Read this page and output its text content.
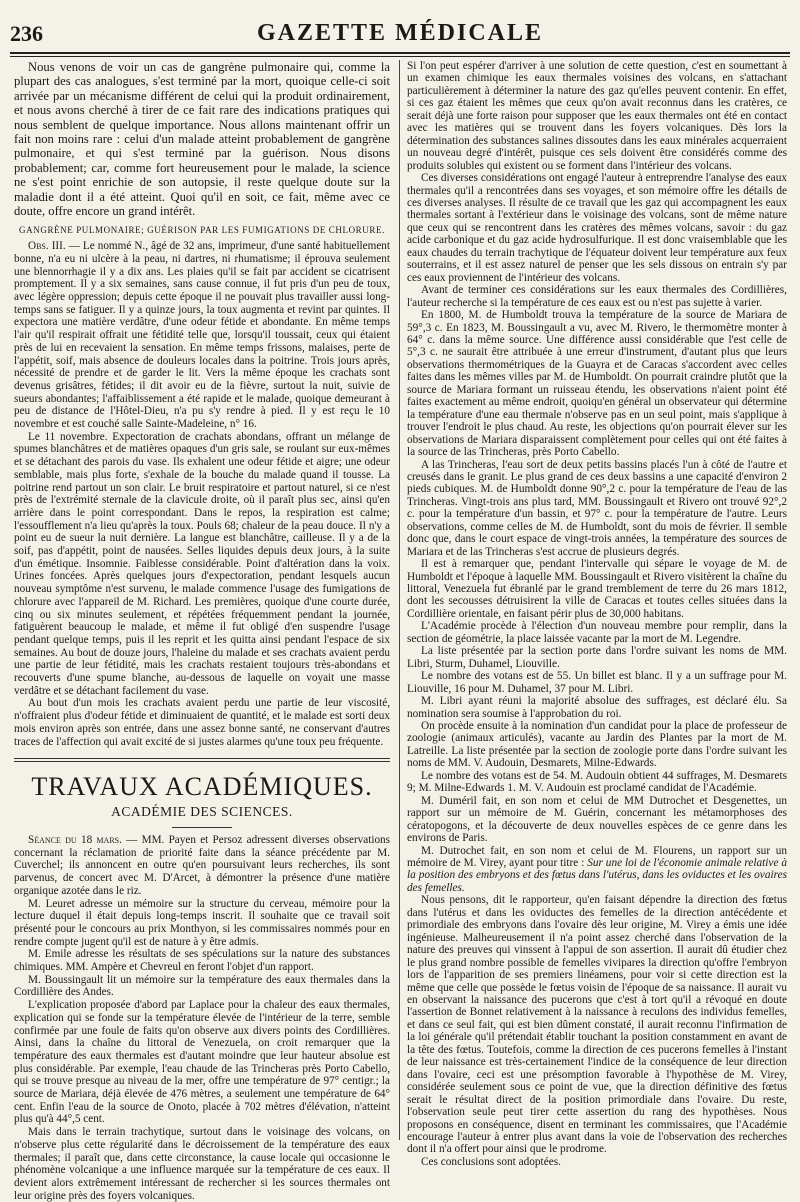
236	GAZETTE MÉDICALE

Nous venons de voir un cas de gangrène pulmonaire qui, comme la plupart des cas analogues, s'est terminé par la mort, quoique celle-ci soit arrivée par un mécanisme différent de celui qui la produit ordinairement, et nous avons cherché à tirer de ce fait rare des indications pratiques qui nous semblent de quelque importance. Nous allons maintenant offrir un fait non moins rare : celui d'un malade atteint probablement de gangrène pulmonaire, et qui s'est terminé par la guérison. Nous disons probablement; car, comme fort heureusement pour le malade, la science ne s'est point enrichie de son autopsie, il reste quelque doute sur la maladie dont il a été atteint. Quoi qu'il en soit, ce fait, même avec ce doute, offre encore un grand intérêt.

GANGRÈNE PULMONAIRE; GUÉRISON PAR LES FUMIGATIONS DE CHLORURE.

Obs. III. — Le nommé N., âgé de 32 ans, imprimeur, d'une santé habituellement bonne, n'a eu ni ulcère à la peau, ni dartres, ni rhumatisme; il éprouva seulement une blennorrhagie il y a dix ans. Les plaies qu'il se fait par accident se cicatrisent promptement. Il y a six semaines, sans cause connue, il fut pris d'un peu de toux, avec légère oppression; depuis cette époque il ne pouvait plus travailler aussi long-temps sans se fatiguer. Il y a quinze jours, la toux augmenta et revint par quintes. Il expectora une matière verdâtre, d'une odeur fétide et abondante. En même temps l'air qu'il respirait offrait une fétidité telle que, lorsqu'il toussait, ceux qui étaient près de lui en recevaient la sensation. En même temps frissons, malaises, perte de l'appétit, soif, mais absence de douleurs locales dans la poitrine. Trois jours après, nécessité de prendre et de garder le lit. Vers la même époque les crachats sont devenus grisâtres, fétides; il dit avoir eu de la fièvre, surtout la nuit, suivie de sueurs abondantes; l'affaiblissement a été rapide et le malade, quoique demeurant à peu de distance de l'Hôtel-Dieu, n'a pu s'y rendre à pied. Il y est reçu le 10 novembre et est couché salle Sainte-Madeleine, n° 16.

Le 11 novembre. Expectoration de crachats abondans, offrant un mélange de spumes blanchâtres et de matières opaques d'un gris sale, se roulant sur eux-mêmes et se détachant des parois du vase. Ils exhalent une odeur fétide et aigre; une odeur semblable, mais plus forte, s'exhale de la bouche du malade quand il tousse. La poitrine rend partout un son clair. Le bruit respiratoire et partout naturel, si ce n'est près de l'extrémité sternale de la clavicule droite, où il paraît plus sec, ainsi qu'en arrière dans le point correspondant. Dans le repos, la respiration est calme; l'essoufflement n'a lieu qu'après la toux. Pouls 68; chaleur de la peau douce. Il n'y a point eu de sueur la nuit dernière. La langue est blanchâtre, cailleuse. Il y a de la soif, pas d'appétit, point de nausées. Selles liquides depuis deux jours, à la suite d'un émétique. Insomnie. Faiblesse considérable. Point d'altération dans la voix. Urines foncées. Après quelques jours d'expectoration, pendant lesquels aucun nouveau symptôme n'est survenu, le malade commence l'usage des fumigations de chlorure avec l'appareil de M. Richard. Les premières, quoique d'une courte durée, cinq ou six minutes seulement, et répétées fréquemment pendant la journée, fatiguèrent beaucoup le malade, et même il fut obligé d'en suspendre l'usage pendant quelque temps, puis il les reprit et les quitta ainsi pendant l'espace de six semaines. Au bout de douze jours, l'haleine du malade et ses crachats avaient perdu une partie de leur fétidité, mais les crachats restaient toujours très-abondans et recouverts d'une spume blanche, au-dessous de laquelle on voyait une masse verdâtre et se détachant facilement du vase.

Au bout d'un mois les crachats avaient perdu une partie de leur viscosité, n'offraient plus d'odeur fétide et diminuaient de quantité, et le malade est sorti deux mois environ après son entrée, dans une assez bonne santé, ne conservant d'autres traces de l'affection qui avait excité de si justes alarmes qu'une toux peu fréquente.

TRAVAUX ACADÉMIQUES.
ACADÉMIE DES SCIENCES.

Séance du 18 mars. — MM. Payen et Persoz adressent diverses observations concernant la réclamation de priorité faite dans la séance précédente par M. Cuverchel; ils annoncent en outre qu'en poursuivant leurs recherches, ils sont parvenus, de concert avec M. D'Arcet, à démontrer la présence d'une matière organique azotée dans le riz.

M. Leuret adresse un mémoire sur la structure du cerveau, mémoire pour la lecture duquel il était depuis long-temps inscrit. Il souhaite que ce travail soit présenté pour le concours au prix Monthyon, si les commissaires nommés pour en rendre compte jugent qu'il est de nature à y être admis.

M. Emile adresse les résultats de ses spéculations sur la nature des substances chimiques. MM. Ampère et Chevreul en feront l'objet d'un rapport.

M. Boussingault lit un mémoire sur la température des eaux thermales dans la Cordillière des Andes.

L'explication proposée d'abord par Laplace pour la chaleur des eaux thermales, explication qui se fonde sur la température élevée de l'intérieur de la terre, semble confirmée par une foule de faits qu'on observe aux divers points des Cordillières. Ainsi, dans la chaîne du littoral de Venezuela, on croit remarquer que la température des eaux thermales est d'autant moindre que leur hauteur absolue est plus considérable. Par exemple, l'eau chaude de las Trincheras près Porto Cabello, qui se trouve presque au niveau de la mer, offre une température de 97° centigr.; la source de Mariara, déjà élevée de 476 mètres, a seulement une température de 64° cent. Enfin l'eau de la source de Onoto, placée à 702 mètres d'élévation, n'atteint plus qu'à 44°,5 cent.

Mais dans le terrain trachytique, surtout dans le voisinage des volcans, on n'observe plus cette régularité dans le décroissement de la température des eaux thermales; il paraît que, dans cette circonstance, la cause locale qui occasionne le phénomène volcanique a une influence marquée sur la température de ces eaux. Il devient alors extrêmement intéressant de rechercher si les sources thermales ont leur origine près des foyers volcaniques.

Si l'on peut espérer d'arriver à une solution de cette question, c'est en soumettant à un examen chimique les eaux thermales voisines des volcans, en s'attachant particulièrement à déterminer la nature des gaz qu'elles peuvent contenir. En effet, si ces gaz étaient les mêmes que ceux qu'on avait reconnus dans les cratères, ce serait déjà une forte raison pour supposer que les eaux thermales ont été en contact avec les matières qui se trouvent dans les foyers volcaniques. Dès lors la détermination des substances salines dissoutes dans les eaux minérales acquerraient un nouveau degré d'intérêt, puisque ces sels doivent être considérés comme des produits solubles qui existent ou se forment dans l'intérieur des volcans.

Ces diverses considérations ont engagé l'auteur à entreprendre l'analyse des eaux thermales qu'il a rencontrées dans ses voyages, et son mémoire offre les détails de ces diverses analyses. Il résulte de ce travail que les gaz qui accompagnent les eaux thermales sortant à l'extérieur dans le voisinage des volcans, sont de même nature que ceux qui se rencontrent dans les cratères des mêmes volcans, savoir : du gaz acide carbonique et du gaz acide hydrosulfurique. Il est donc vraisemblable que les eaux chaudes du terrain trachytique de l'équateur doivent leur température aux feux souterrains, et il est assez naturel de penser que les sels dissous on entrain s'y par ces eaux proviennent de l'intérieur des volcans.

Avant de terminer ces considérations sur les eaux thermales des Cordillières, l'auteur recherche si la température de ces eaux est ou n'est pas sujette à varier.

En 1800, M. de Humboldt trouva la température de la source de Mariara de 59°,3 c. En 1823, M. Boussingault a vu, avec M. Rivero, le thermomètre monter à 64° c. dans la même source. Une différence aussi considérable que l'est celle de 5°,3 c. ne saurait être attribuée à une erreur d'instrument, d'autant plus que leurs observations thermométriques de la Guayra et de Caracas s'accordent avec celles faites dans les mêmes villes par M. de Humboldt. On pourrait craindre plutôt que la source de Mariara formant un ruisseau étendu, les observations n'aient point été faites exactement au même endroit, quoiqu'en général un observateur qui détermine la température d'une eau thermale n'observe pas en un seul point, mais s'applique à trouver l'endroit le plus chaud. Au reste, les objections qu'on pourrait élever sur les observations de Mariara disparaissent complètement pour celles qui ont été faites à la source de las Trincheras, près Porto Cabello.

A las Trincheras, l'eau sort de deux petits bassins placés l'un à côté de l'autre et creusés dans le granit. Le plus grand de ces deux bassins a une capacité d'environ 2 pieds cubiques. M. de Humboldt donne 90°,2 c. pour la température de l'eau de las Trincheras. Vingt-trois ans plus tard, MM. Boussingault et Rivero ont trouvé 92°,2 c. pour la température d'un bassin, et 97° c. pour la température de l'autre. Leurs observations, comme celles de M. de Humboldt, sont du mois de février. Il semble donc que, dans le court espace de vingt-trois années, la température des sources de Mariara et de las Trincheras s'est accrue de plusieurs degrés.

Il est à remarquer que, pendant l'intervalle qui sépare le voyage de M. de Humboldt et l'époque à laquelle MM. Boussingault et Rivero visitèrent la chaîne du littoral, Venezuela fut ébranlé par le grand tremblement de terre du 26 mars 1812, dont les secousses détruisirent la ville de Caracas et toutes celles situées dans la Cordillière orientale, en faisant périr plus de 30,000 habitans.

L'Académie procède à l'élection d'un nouveau membre pour remplir, dans la section de géométrie, la place laissée vacante par la mort de M. Legendre.

La liste présentée par la section porte dans l'ordre suivant les noms de MM. Libri, Sturm, Duhamel, Liouville.

Le nombre des votans est de 55. Un billet est blanc. Il y a un suffrage pour M. Liouville, 16 pour M. Duhamel, 37 pour M. Libri.

M. Libri ayant réuni la majorité absolue des suffrages, est déclaré élu. Sa nomination sera soumise à l'approbation du roi.

On procède ensuite à la nomination d'un candidat pour la place de professeur de zoologie (animaux articulés), vacante au Jardin des Plantes par la mort de M. Latreille. La liste présentée par la section de zoologie porte dans l'ordre suivant les noms de MM. V. Audouin, Desmarets, Milne-Edwards.

Le nombre des votans est de 54. M. Audouin obtient 44 suffrages, M. Desmarets 9; M. Milne-Edwards 1. M. V. Audouin est proclamé candidat de l'Académie.

M. Duméril fait, en son nom et celui de MM Dutrochet et Desgenettes, un rapport sur un mémoire de M. Guérin, concernant les métamorphoses des cératopogons, et la découverte de deux nouvelles espèces de ce genre dans les environs de Paris.

M. Dutrochet fait, en son nom et celui de M. Flourens, un rapport sur un mémoire de M. Virey, ayant pour titre : Sur une loi de l'économie animale relative à la position des embryons et des fœtus dans l'utérus, dans les oviductes et les ovaires des femelles.

Nous pensons, dit le rapporteur, qu'en faisant dépendre la direction des fœtus dans l'utérus et dans les oviductes des femelles de la direction antécédente et primordiale des embryons dans l'ovaire dès leur origine, M. Virey a émis une idée ingénieuse. Malheureusement il n'a point assez cherché dans l'observation de la nature des preuves qui vinssent à l'appui de son assertion. Il aurait dû étudier chez le plus grand nombre possible de femelles vivipares la direction qu'offre l'embryon lors de l'apparition de ses premiers linéamens, pour voir si cette direction est la même que celle que possède le fœtus voisin de l'époque de sa naissance. Il aurait vu en observant la naissance des pucerons que c'est à tort qu'il a révoqué en doute l'assertion de Bonnet relativement à la naissance à reculons des individus femelles, et dans ce seul fait, qui est bien dûment constaté, il aurait reconnu l'infirmation de la loi générale qu'il prétendait établir touchant la position constamment en avant de la tête des fœtus. Toutefois, comme la direction de ces pucerons femelles à l'instant de leur naissance est très-certainement l'indice de la conséquence de leur direction dans l'ovaire, ceci est une présomption favorable à l'hypothèse de M. Virey, considérée seulement sous ce point de vue, que la direction définitive des fœtus serait le résultat direct de la position primordiale dans l'ovaire. Du reste, l'observation seule peut tirer cette assertion du rang des hypothèses. Nous proposons en conséquence, disent en terminant les commissaires, que l'Académie encourage l'auteur à entrer plus avant dans la voie de l'observation des recherches dont il n'a offert pour ainsi que le prodrome.

Ces conclusions sont adoptées.
